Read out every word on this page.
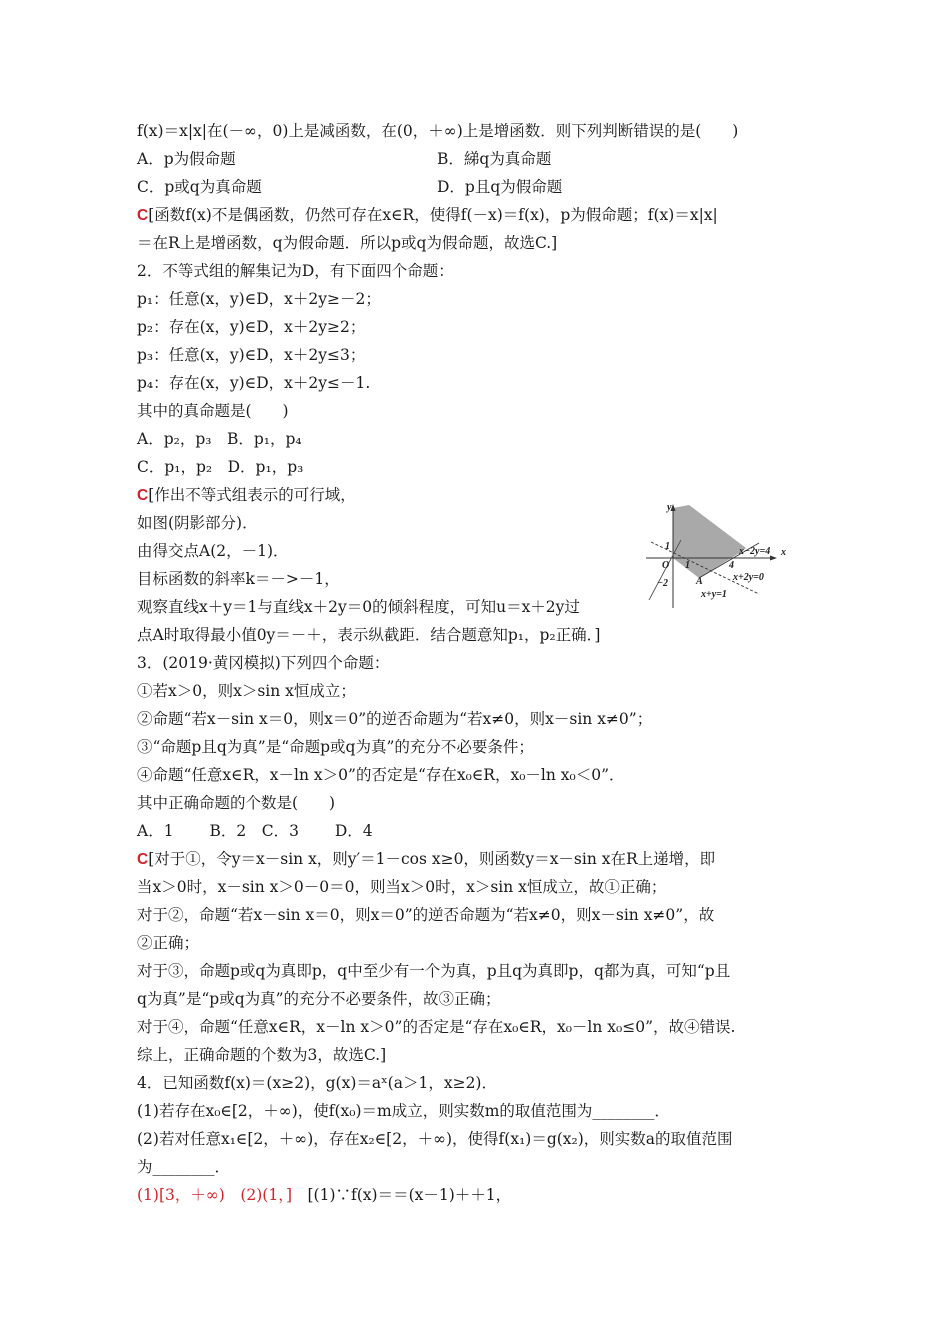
f(x)＝x|x|在(－∞，0)上是减函数，在(0，＋∞)上是增函数．则下列判断错误的是(　　)
A．p为假命题	B．綈q为真命题
C．p或q为真命题	D．p且q为假命题
C[函数f(x)不是偶函数，仍然可存在x∈R，使得f(－x)＝f(x)，p为假命题；f(x)＝x|x|
＝在R上是增函数，q为假命题．所以p或q为假命题，故选C.]
2．不等式组的解集记为D，有下面四个命题：
p₁：任意(x，y)∈D，x＋2y≥－2；
p₂：存在(x，y)∈D，x＋2y≥2；
p₃：任意(x，y)∈D，x＋2y≤3；
p₄：存在(x，y)∈D，x＋2y≤－1.
其中的真命题是(　　)
A．p₂，p₃　B．p₁，p₄
C．p₁，p₂　D．p₁，p₃
C[作出不等式组表示的可行域，
如图(阴影部分)．
由得交点A(2，－1)．
目标函数的斜率k＝－>－1，
观察直线x＋y＝1与直线x＋2y＝0的倾斜程度，可知u＝x＋2y过
点A时取得最小值0y＝－＋，表示纵截距．结合题意知p₁，p₂正确．]
y
x
O
1
−2
1	4
A
x−2y=4
x+2y=0
x+y=1
3．(2019·黄冈模拟)下列四个命题：
①若x＞0，则x＞sin x恒成立；
②命题“若x－sin x＝0，则x＝0”的逆否命题为“若x≠0，则x－sin x≠0”；
③“命题p且q为真”是“命题p或q为真”的充分不必要条件；
④命题“任意x∈R，x－ln x＞0”的否定是“存在x₀∈R，x₀－ln x₀＜0”．
其中正确命题的个数是(　　)
A．1　　 B．2　C．3　　 D．4
C[对于①，令y＝x－sin x，则y′＝1－cos x≥0，则函数y＝x－sin x在R上递增，即
当x＞0时，x－sin x＞0－0＝0，则当x＞0时，x＞sin x恒成立，故①正确；
对于②，命题“若x－sin x＝0，则x＝0”的逆否命题为“若x≠0，则x－sin x≠0”，故
②正确；
对于③，命题p或q为真即p，q中至少有一个为真，p且q为真即p，q都为真，可知“p且
q为真”是“p或q为真”的充分不必要条件，故③正确；
对于④，命题“任意x∈R，x－ln x＞0”的否定是“存在x₀∈R，x₀－ln x₀≤0”，故④错误.
综上，正确命题的个数为3，故选C.]
4．已知函数f(x)＝(x≥2)，g(x)＝aˣ(a＞1，x≥2)．
(1)若存在x₀∈[2，＋∞)，使f(x₀)＝m成立，则实数m的取值范围为________．
(2)若对任意x₁∈[2，＋∞)，存在x₂∈[2，＋∞)，使得f(x₁)＝g(x₂)，则实数a的取值范围
为________．
(1)[3，＋∞)　(2)(1，]　[(1)∵f(x)＝＝(x－1)＋＋1，
